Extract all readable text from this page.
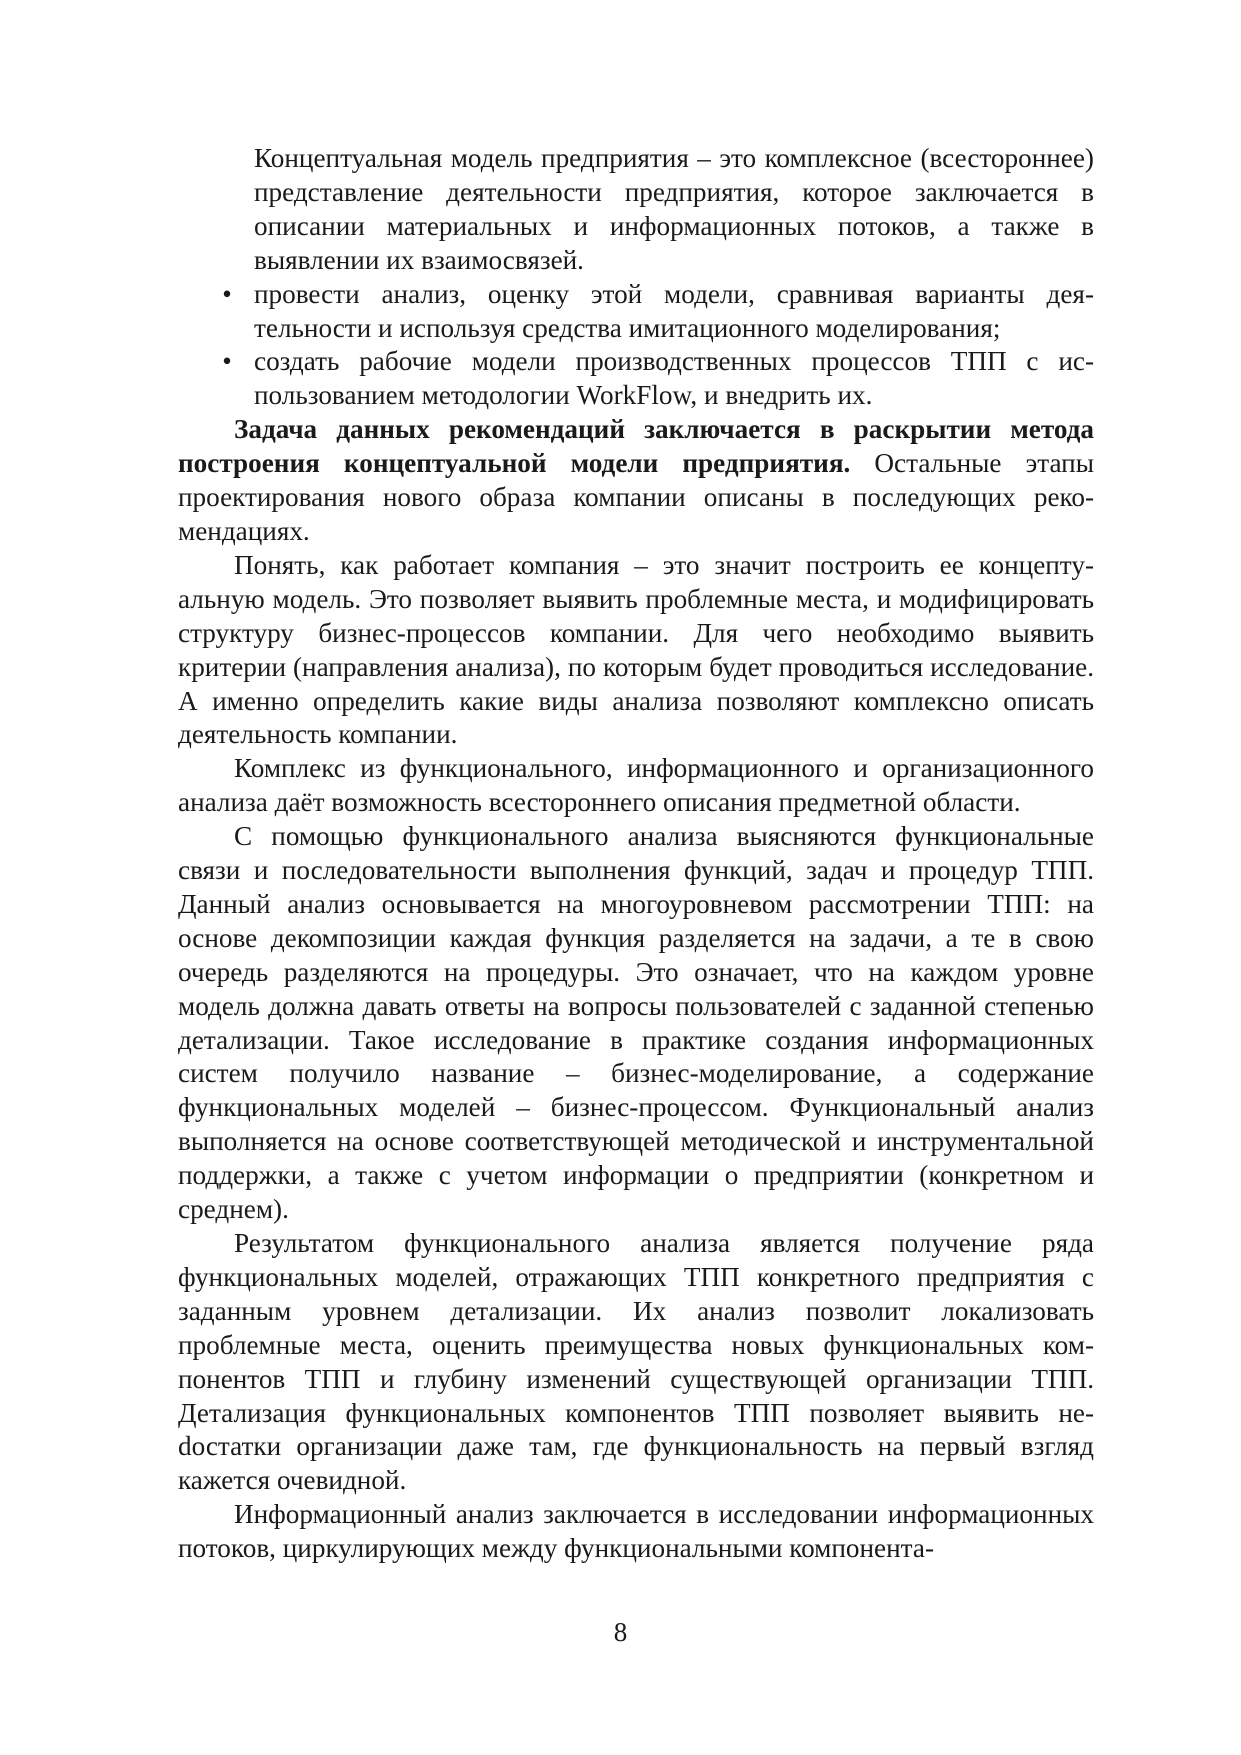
Концептуальная модель предприятия – это комплексное (всестороннее) представление деятельности предприятия, которое заключается в описании материальных и информационных потоков, а также в выявлении их взаимосвязей.

• провести анализ, оценку этой модели, сравнивая варианты деятельности и используя средства имитационного моделирования;
• создать рабочие модели производственных процессов ТПП с использованием методологии WorkFlow, и внедрить их.

Задача данных рекомендаций заключается в раскрытии метода построения концептуальной модели предприятия. Остальные этапы проектирования нового образа компании описаны в последующих рекомендациях.

Понять, как работает компания – это значит построить ее концептуальную модель. Это позволяет выявить проблемные места, и модифицировать структуру бизнес-процессов компании. Для чего необходимо выявить критерии (направления анализа), по которым будет проводиться исследование. А именно определить какие виды анализа позволяют комплексно описать деятельность компании.

Комплекс из функционального, информационного и организационного анализа даёт возможность всестороннего описания предметной области.

С помощью функционального анализа выясняются функциональные связи и последовательности выполнения функций, задач и процедур ТПП. Данный анализ основывается на многоуровневом рассмотрении ТПП: на основе декомпозиции каждая функция разделяется на задачи, а те в свою очередь разделяются на процедуры. Это означает, что на каждом уровне модель должна давать ответы на вопросы пользователей с заданной степенью детализации. Такое исследование в практике создания информационных систем получило название – бизнес-моделирование, а содержание функциональных моделей – бизнес-процессом. Функциональный анализ выполняется на основе соответствующей методической и инструментальной поддержки, а также с учетом информации о предприятии (конкретном и среднем).

Результатом функционального анализа является получение ряда функциональных моделей, отражающих ТПП конкретного предприятия с заданным уровнем детализации. Их анализ позволит локализовать проблемные места, оценить преимущества новых функциональных компонентов ТПП и глубину изменений существующей организации ТПП. Детализация функциональных компонентов ТПП позволяет выявить неdостатки организации даже там, где функциональность на первый взгляд кажется очевидной.

Информационный анализ заключается в исследовании информационных потоков, циркулирующих между функциональными компонента-

8
